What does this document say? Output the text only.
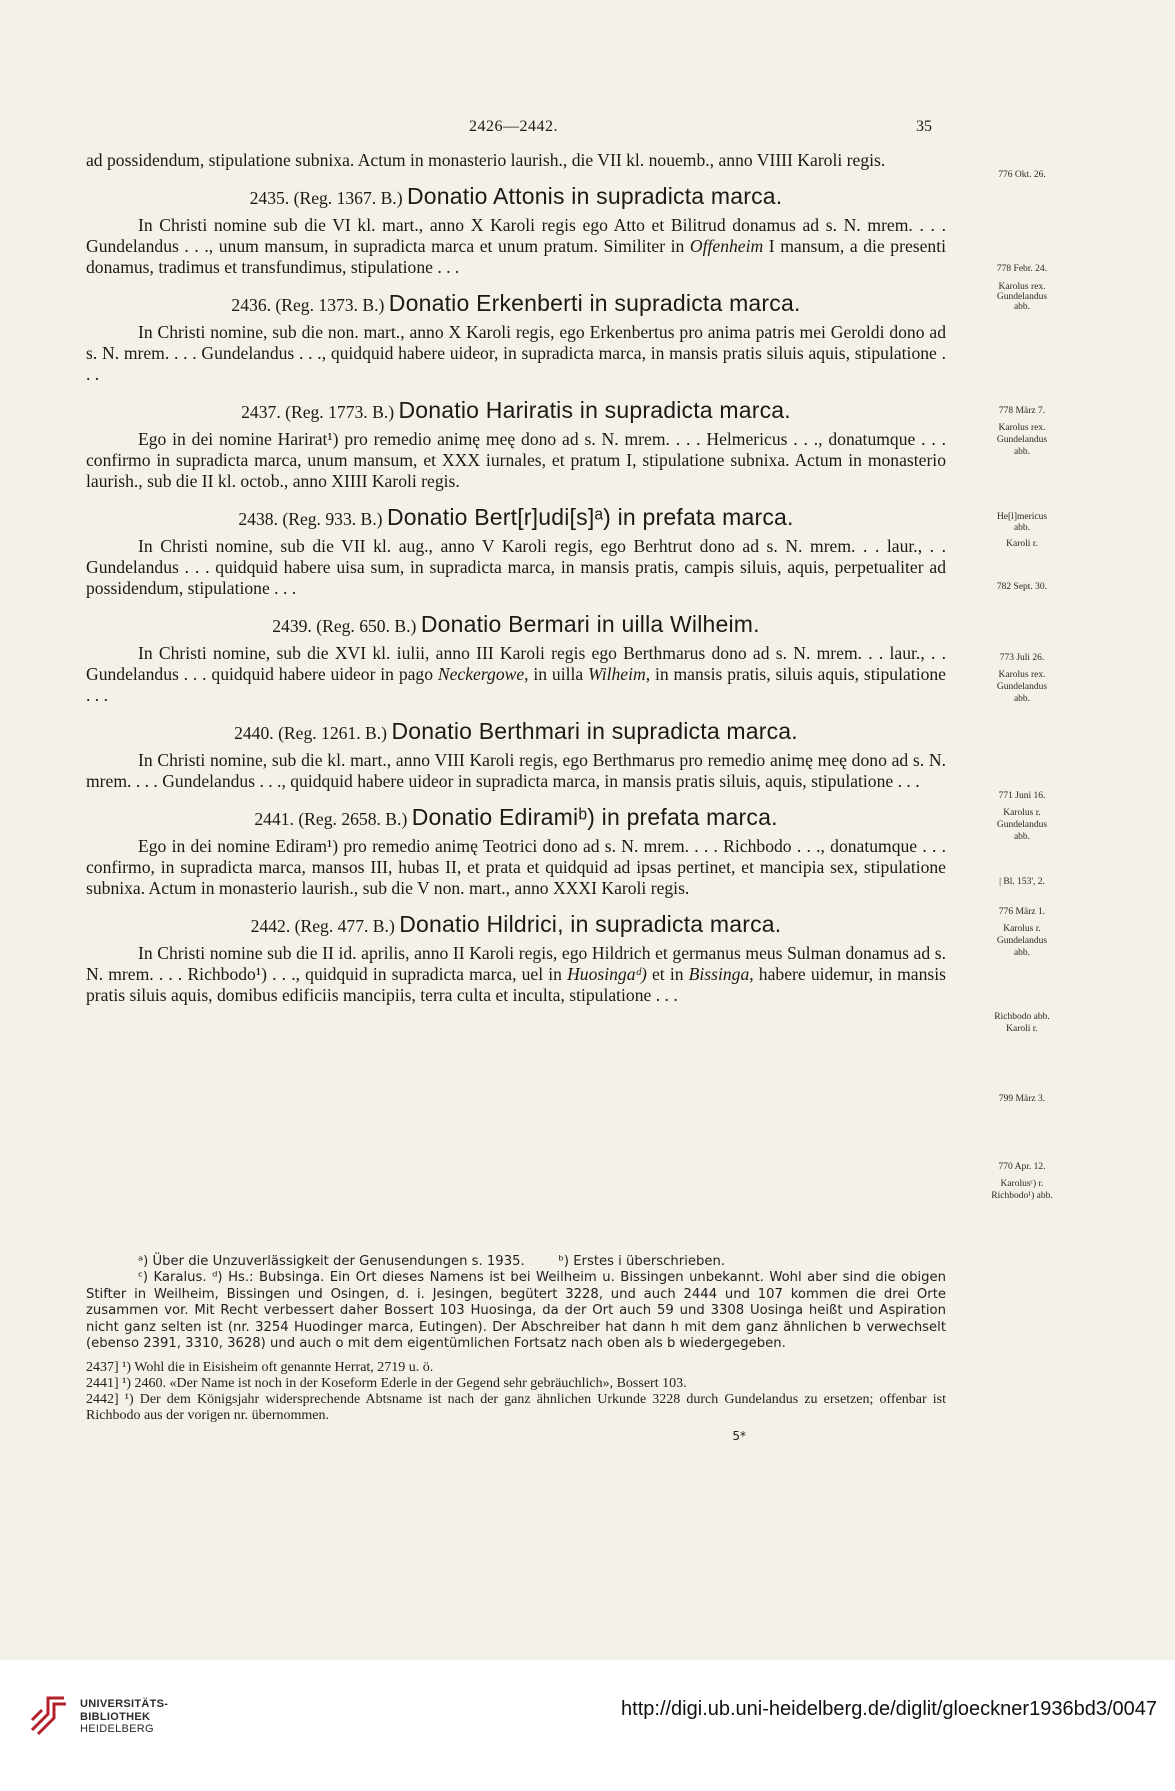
2426—2442.	35

ad possidendum, stipulatione subnixa. Actum in monasterio laurish., die VII kl. nouemb., anno VIIII Karoli regis.

2435. (Reg. 1367. B.) Donatio Attonis in supradicta marca.

In Christi nomine sub die VI kl. mart., anno X Karoli regis ego Atto et Bilitrud donamus ad s. N. mrem. . . . Gundelandus . . ., unum mansum, in supradicta marca et unum pratum. Similiter in Offenheim I mansum, a die presenti donamus, tradimus et transfundimus, stipulatione . . .

2436. (Reg. 1373. B.) Donatio Erkenberti in supradicta marca.

In Christi nomine, sub die non. mart., anno X Karoli regis, ego Erkenbertus pro anima patris mei Geroldi dono ad s. N. mrem. . . . Gundelandus . . ., quidquid habere uideor, in supradicta marca, in mansis pratis siluis aquis, stipulatione . . .

2437. (Reg. 1773. B.) Donatio Hariratis in supradicta marca.

Ego in dei nomine Harirat¹) pro remedio animę meę dono ad s. N. mrem. . . . Helmericus . . ., donatumque . . . confirmo in supradicta marca, unum mansum, et XXX iurnales, et pratum I, stipulatione subnixa. Actum in monasterio laurish., sub die II kl. octob., anno XIIII Karoli regis.

2438. (Reg. 933. B.) Donatio Bert[r]udi[s]ᵃ) in prefata marca.

In Christi nomine, sub die VII kl. aug., anno V Karoli regis, ego Berhtrut dono ad s. N. mrem. . . laur., . . Gundelandus . . . quidquid habere uisa sum, in supradicta marca, in mansis pratis, campis siluis, aquis, perpetualiter ad possidendum, stipulatione . . .

2439. (Reg. 650. B.) Donatio Bermari in uilla Wilheim.

In Christi nomine, sub die XVI kl. iulii, anno III Karoli regis ego Berthmarus dono ad s. N. mrem. . . laur., . . Gundelandus . . . quidquid habere uideor in pago Neckergowe, in uilla Wilheim, in mansis pratis, siluis aquis, stipulatione . . .

2440. (Reg. 1261. B.) Donatio Berthmari in supradicta marca.

In Christi nomine, sub die kl. mart., anno VIII Karoli regis, ego Berthmarus pro remedio animę meę dono ad s. N. mrem. . . . Gundelandus . . ., quidquid habere uideor in supradicta marca, in mansis pratis siluis, aquis, stipulatione . . .

2441. (Reg. 2658. B.) Donatio Ediramiᵇ) in prefata marca.

Ego in dei nomine Ediram¹) pro remedio animę Teotrici dono ad s. N. mrem. . . . Richbodo . . ., donatumque . . . confirmo, in supradicta marca, mansos III, hubas II, et prata et quidquid ad ipsas pertinet, et mancipia sex, stipulatione subnixa. Actum in monasterio laurish., sub die V non. mart., anno XXXI Karoli regis.

2442. (Reg. 477. B.) Donatio Hildrici, in supradicta marca.

In Christi nomine sub die II id. aprilis, anno II Karoli regis, ego Hildrich et germanus meus Sulman donamus ad s. N. mrem. . . . Richbodo¹) . . ., quidquid in supradicta marca, uel in Huosingaᵈ) et in Bissinga, habere uidemur, in mansis pratis siluis aquis, domibus edificiis mancipiis, terra culta et inculta, stipulatione . . .

776 Okt. 26.
778 Febr. 24.
Karolus rex.
Gundelandus
abb.
778 März 7.
Karolus rex.
Gundelandus
abb.
He[l]mericus
abb.
Karoli r.
782 Sept. 30.
773 Juli 26.
Karolus rex.
Gundelandus
abb.
771 Juni 16.
Karolus r.
Gundelandus
abb.
| Bl. 153', 2.
776 März 1.
Karolus r.
Gundelandus
abb.
Richbodo abb.
Karoli r.
799 März 3.
770 Apr. 12.
Karolusᶜ) r.
Richbodo¹) abb.

ᵃ) Über die Unzuverlässigkeit der Genusendungen s. 1935.	ᵇ) Erstes i überschrieben.

ᶜ) Karalus. ᵈ) Hs.: Bubsinga. Ein Ort dieses Namens ist bei Weilheim u. Bissingen unbekannt. Wohl aber sind die obigen Stifter in Weilheim, Bissingen und Osingen, d. i. Jesingen, begütert 3228, und auch 2444 und 107 kommen die drei Orte zusammen vor. Mit Recht verbessert daher Bossert 103 Huosinga, da der Ort auch 59 und 3308 Uosinga heißt und Aspiration nicht ganz selten ist (nr. 3254 Huodinger marca, Eutingen). Der Abschreiber hat dann h mit dem ganz ähnlichen b verwechselt (ebenso 2391, 3310, 3628) und auch o mit dem eigentümlichen Fortsatz nach oben als b wiedergegeben.

2437] ¹) Wohl die in Eisisheim oft genannte Herrat, 2719 u. ö.

2441] ¹) 2460. «Der Name ist noch in der Koseform Ederle in der Gegend sehr gebräuchlich», Bossert 103.

2442] ¹) Der dem Königsjahr widersprechende Abtsname ist nach der ganz ähnlichen Urkunde 3228 durch Gundelandus zu ersetzen; offenbar ist Richbodo aus der vorigen nr. übernommen.

5*
UNIVERSITÄTS-
BIBLIOTHEK
HEIDELBERG
http://digi.ub.uni-heidelberg.de/diglit/gloeckner1936bd3/0047
